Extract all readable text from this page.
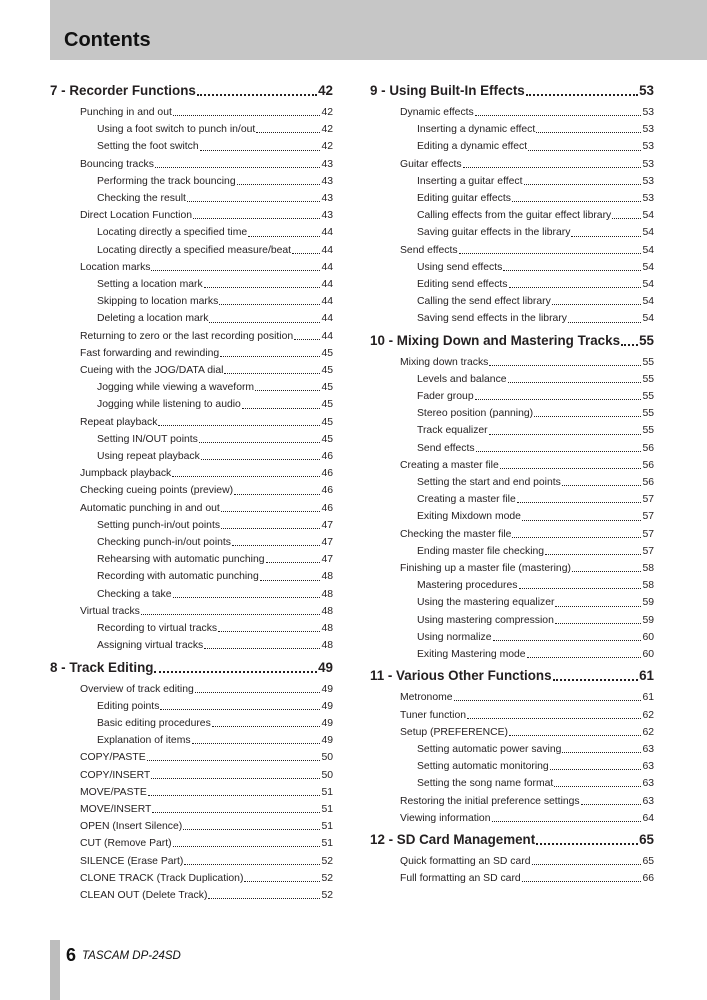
Contents
7 - Recorder Functions	42
Punching in and out	42
Using a foot switch to punch in/out	42
Setting the foot switch	42
Bouncing tracks	43
Performing the track bouncing	43
Checking the result	43
Direct Location Function	43
Locating directly a specified time	44
Locating directly a specified measure/beat	44
Location marks	44
Setting a location mark	44
Skipping to location marks	44
Deleting a location mark	44
Returning to zero or the last recording position	44
Fast forwarding and rewinding	45
Cueing with the JOG/DATA dial	45
Jogging while viewing a waveform	45
Jogging while listening to audio	45
Repeat playback	45
Setting IN/OUT points	45
Using repeat playback	46
Jumpback playback	46
Checking cueing points (preview)	46
Automatic punching in and out	46
Setting punch-in/out points	47
Checking punch-in/out points	47
Rehearsing with automatic punching	47
Recording with automatic punching	48
Checking a take	48
Virtual tracks	48
Recording to virtual tracks	48
Assigning virtual tracks	48
8 - Track Editing	49
Overview of track editing	49
Editing points	49
Basic editing procedures	49
Explanation of items	49
COPY/PASTE	50
COPY/INSERT	50
MOVE/PASTE	51
MOVE/INSERT	51
OPEN (Insert Silence)	51
CUT (Remove Part)	51
SILENCE (Erase Part)	52
CLONE TRACK (Track Duplication)	52
CLEAN OUT (Delete Track)	52
9 - Using Built-In Effects	53
Dynamic effects	53
Inserting a dynamic effect	53
Editing a dynamic effect	53
Guitar effects	53
Inserting a guitar effect	53
Editing guitar effects	53
Calling effects from the guitar effect library	54
Saving guitar effects in the library	54
Send effects	54
Using send effects	54
Editing send effects	54
Calling the send effect library	54
Saving send effects in the library	54
10 - Mixing Down and Mastering Tracks 55
Mixing down tracks	55
Levels and balance	55
Fader group	55
Stereo position (panning)	55
Track equalizer	55
Send effects	56
Creating a master file	56
Setting the start and end points	56
Creating a master file	57
Exiting Mixdown mode	57
Checking the master file	57
Ending master file checking	57
Finishing up a master file (mastering)	58
Mastering procedures	58
Using the mastering equalizer	59
Using mastering compression	59
Using normalize	60
Exiting Mastering mode	60
11 - Various Other Functions	61
Metronome	61
Tuner function	62
Setup (PREFERENCE)	62
Setting automatic power saving	63
Setting automatic monitoring	63
Setting the song name format	63
Restoring the initial preference settings	63
Viewing information	64
12 - SD Card Management	65
Quick formatting an SD card	65
Full formatting an SD card	66
6 TASCAM DP-24SD
